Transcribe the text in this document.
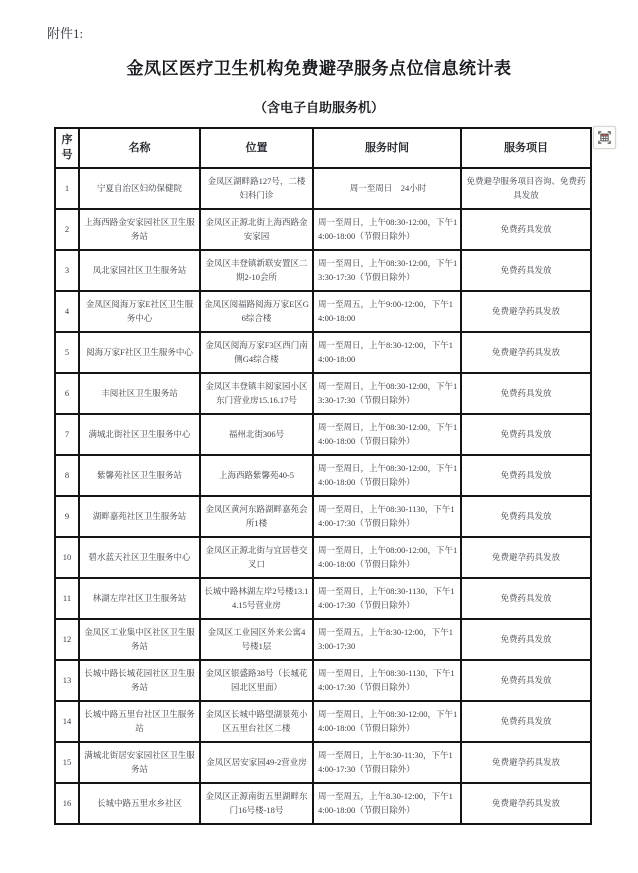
附件1:
金凤区医疗卫生机构免费避孕服务点位信息统计表
（含电子自助服务机）
序号	名称	位置	服务时间	服务项目
1	宁夏自治区妇幼保健院	金凤区湖畔路127号，二楼妇科门诊	周一至周日　24小时	免费避孕服务项目咨询、免费药具发放
2	上海西路金安家园社区卫生服务站	金凤区正源北街上海西路金安家园	周一至周日，上午08:30-12:00，下午14:00-18:00（节假日除外）	免费药具发放
3	凤北家园社区卫生服务站	金凤区丰登镇新联安置区二期2-10会所	周一至周日，上午08:30-12:00，下午13:30-17:30（节假日除外）	免费药具发放
4	金凤区阅海万家E社区卫生服务中心	金凤区阅福路阅海万家E区G6综合楼	周一至周五，上午9:00-12:00，下午14:00-18:00	免费避孕药具发放
5	阅海万家F社区卫生服务中心	金凤区阅海万家F3区西门南侧G4综合楼	周一至周日，上午8:30-12:00，下午14:00-18:00	免费避孕药具发放
6	丰阅社区卫生服务站	金凤区丰登镇丰阅家园小区东门营业房15.16.17号	周一至周日，上午08:30-12:00，下午13:30-17:30（节假日除外）	免费药具发放
7	满城北街社区卫生服务中心	福州北街306号	周一至周日，上午08:30-12:00，下午14:00-18:00（节假日除外）	免费药具发放
8	紫馨苑社区卫生服务站	上海西路紫馨苑40-5	周一至周日，上午08:30-12:00，下午14:00-18:00（节假日除外）	免费药具发放
9	湖畔嘉苑社区卫生服务站	金凤区黄河东路湖畔嘉苑会所1楼	周一至周日，上午08:30-1130，下午14:00-17:30（节假日除外）	免费药具发放
10	碧水蓝天社区卫生服务中心	金凤区正源北街与宜居巷交叉口	周一至周日，上午08:00-12:00，下午14:00-18:00（节假日除外）	免费避孕药具发放
11	林湖左岸社区卫生服务站	长城中路林湖左岸2号楼13.14.15号营业房	周一至周日，上午08:30-1130，下午14:00-17:30（节假日除外）	免费药具发放
12	金凤区工业集中区社区卫生服务站	金凤区工业园区外来公寓4号楼1层	周一至周五，上午8:30-12:00，下午13:00-17:30	免费药具发放
13	长城中路长城花园社区卫生服务站	金凤区银盛路38号（长城花园北区里面）	周一至周日，上午08:30-1130，下午14:00-17:30（节假日除外）	免费药具发放
14	长城中路五里台社区卫生服务站	金凤区长城中路望湖景苑小区五里台社区二楼	周一至周日，上午08:30-12:00，下午14:00-18:00（节假日除外）	免费药具发放
15	满城北街居安家园社区卫生服务站	金凤区居安家园49-2营业房	周一至周日，上午8:30-11:30，下午14:00-17:30（节假日除外）	免费避孕药具发放
16	长城中路五里水乡社区	金凤区正源南街五里湖畔东门16号楼-18号	周一至周五，上午8.30-12:00，下午14:00-18:00（节假日除外）	免费避孕药具发放
